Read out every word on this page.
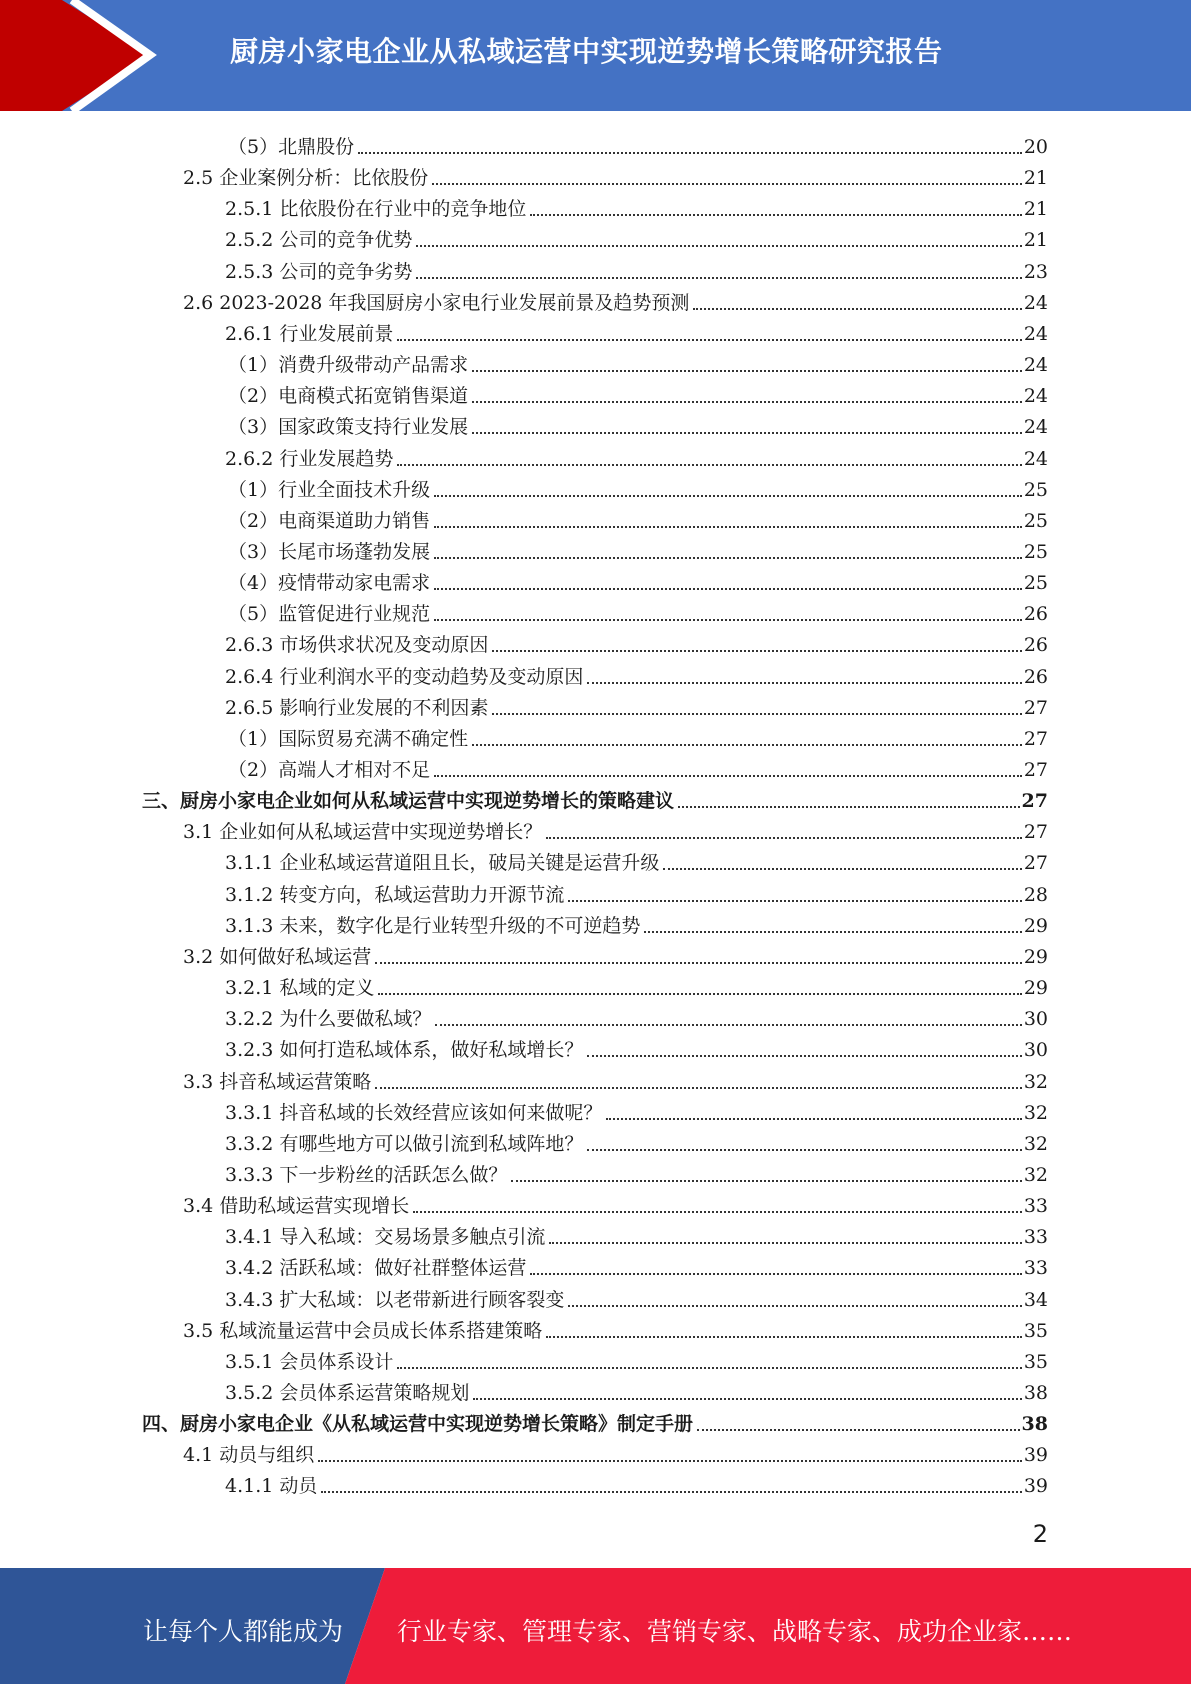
厨房小家电企业从私域运营中实现逆势增长策略研究报告
（5）北鼎股份	20
2.5 企业案例分析：比依股份	21
2.5.1 比依股份在行业中的竞争地位	21
2.5.2 公司的竞争优势	21
2.5.3 公司的竞争劣势	23
2.6 2023-2028 年我国厨房小家电行业发展前景及趋势预测	24
2.6.1 行业发展前景	24
（1）消费升级带动产品需求	24
（2）电商模式拓宽销售渠道	24
（3）国家政策支持行业发展	24
2.6.2 行业发展趋势	24
（1）行业全面技术升级	25
（2）电商渠道助力销售	25
（3）长尾市场蓬勃发展	25
（4）疫情带动家电需求	25
（5）监管促进行业规范	26
2.6.3 市场供求状况及变动原因	26
2.6.4 行业利润水平的变动趋势及变动原因	26
2.6.5 影响行业发展的不利因素	27
（1）国际贸易充满不确定性	27
（2）高端人才相对不足	27
三、厨房小家电企业如何从私域运营中实现逆势增长的策略建议	27
3.1 企业如何从私域运营中实现逆势增长？	27
3.1.1 企业私域运营道阻且长，破局关键是运营升级	27
3.1.2 转变方向，私域运营助力开源节流	28
3.1.3 未来，数字化是行业转型升级的不可逆趋势	29
3.2 如何做好私域运营	29
3.2.1 私域的定义	29
3.2.2 为什么要做私域？	30
3.2.3 如何打造私域体系，做好私域增长？	30
3.3 抖音私域运营策略	32
3.3.1 抖音私域的长效经营应该如何来做呢？	32
3.3.2 有哪些地方可以做引流到私域阵地？	32
3.3.3 下一步粉丝的活跃怎么做？	32
3.4 借助私域运营实现增长	33
3.4.1 导入私域：交易场景多触点引流	33
3.4.2 活跃私域：做好社群整体运营	33
3.4.3 扩大私域：以老带新进行顾客裂变	34
3.5 私域流量运营中会员成长体系搭建策略	35
3.5.1 会员体系设计	35
3.5.2 会员体系运营策略规划	38
四、厨房小家电企业《从私域运营中实现逆势增长策略》制定手册	38
4.1 动员与组织	39
4.1.1 动员	39
2
让每个人都能成为 行业专家、管理专家、营销专家、战略专家、成功企业家……
